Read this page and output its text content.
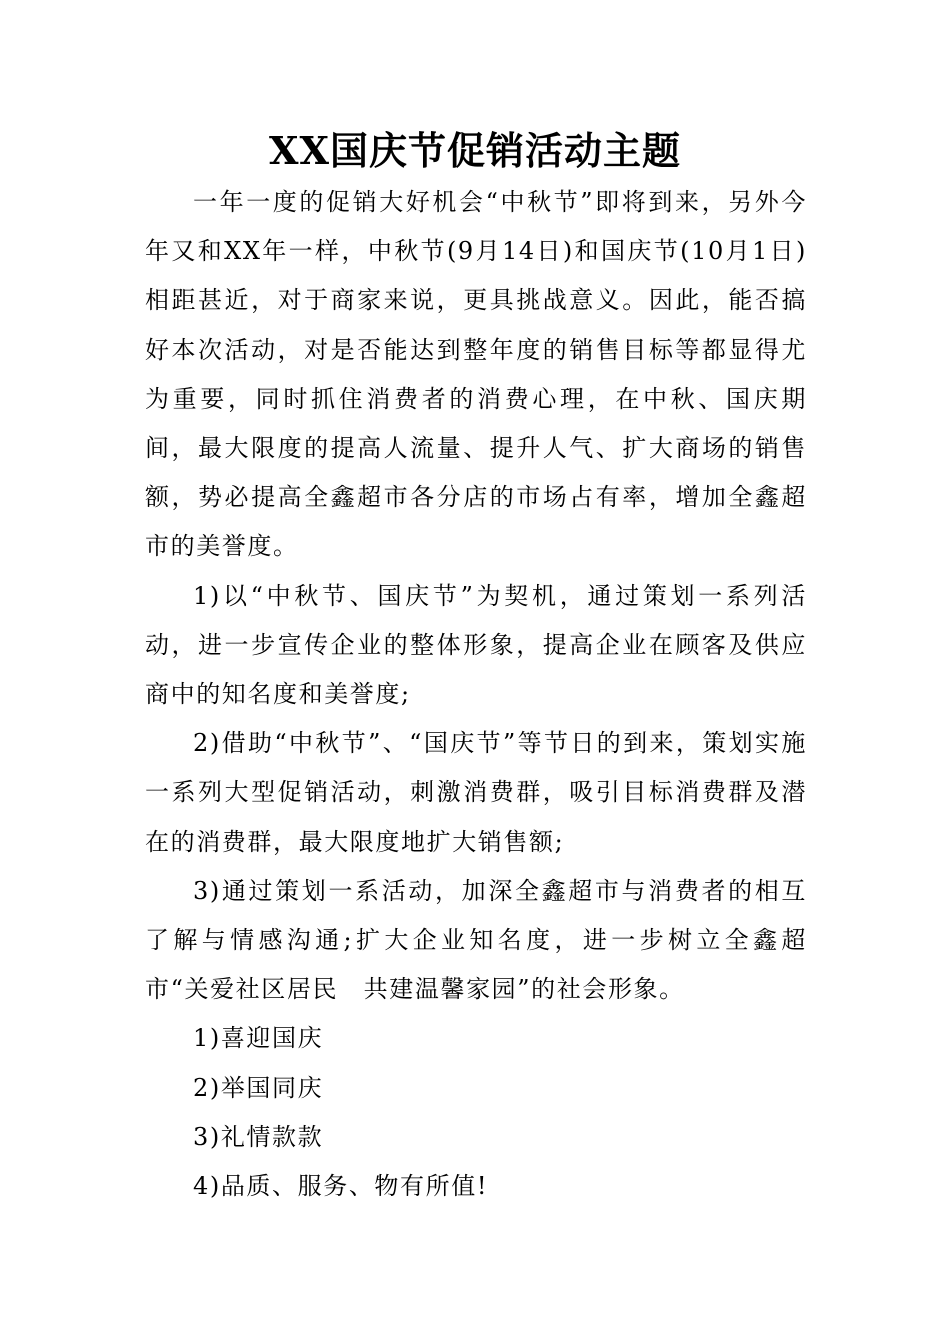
XX国庆节促销活动主题

一年一度的促销大好机会“中秋节”即将到来，另外今年又和XX年一样，中秋节(9月14日)和国庆节(10月1日)相距甚近，对于商家来说，更具挑战意义。因此，能否搞好本次活动，对是否能达到整年度的销售目标等都显得尤为重要，同时抓住消费者的消费心理，在中秋、国庆期间，最大限度的提高人流量、提升人气、扩大商场的销售额，势必提高全鑫超市各分店的市场占有率，增加全鑫超市的美誉度。

1)以“中秋节、国庆节”为契机，通过策划一系列活动，进一步宣传企业的整体形象，提高企业在顾客及供应商中的知名度和美誉度;

2)借助“中秋节”、“国庆节”等节日的到来，策划实施一系列大型促销活动，刺激消费群，吸引目标消费群及潜在的消费群，最大限度地扩大销售额;

3)通过策划一系活动，加深全鑫超市与消费者的相互了解与情感沟通;扩大企业知名度，进一步树立全鑫超市“关爱社区居民　共建温馨家园”的社会形象。

1)喜迎国庆

2)举国同庆

3)礼情款款

4)品质、服务、物有所值!
